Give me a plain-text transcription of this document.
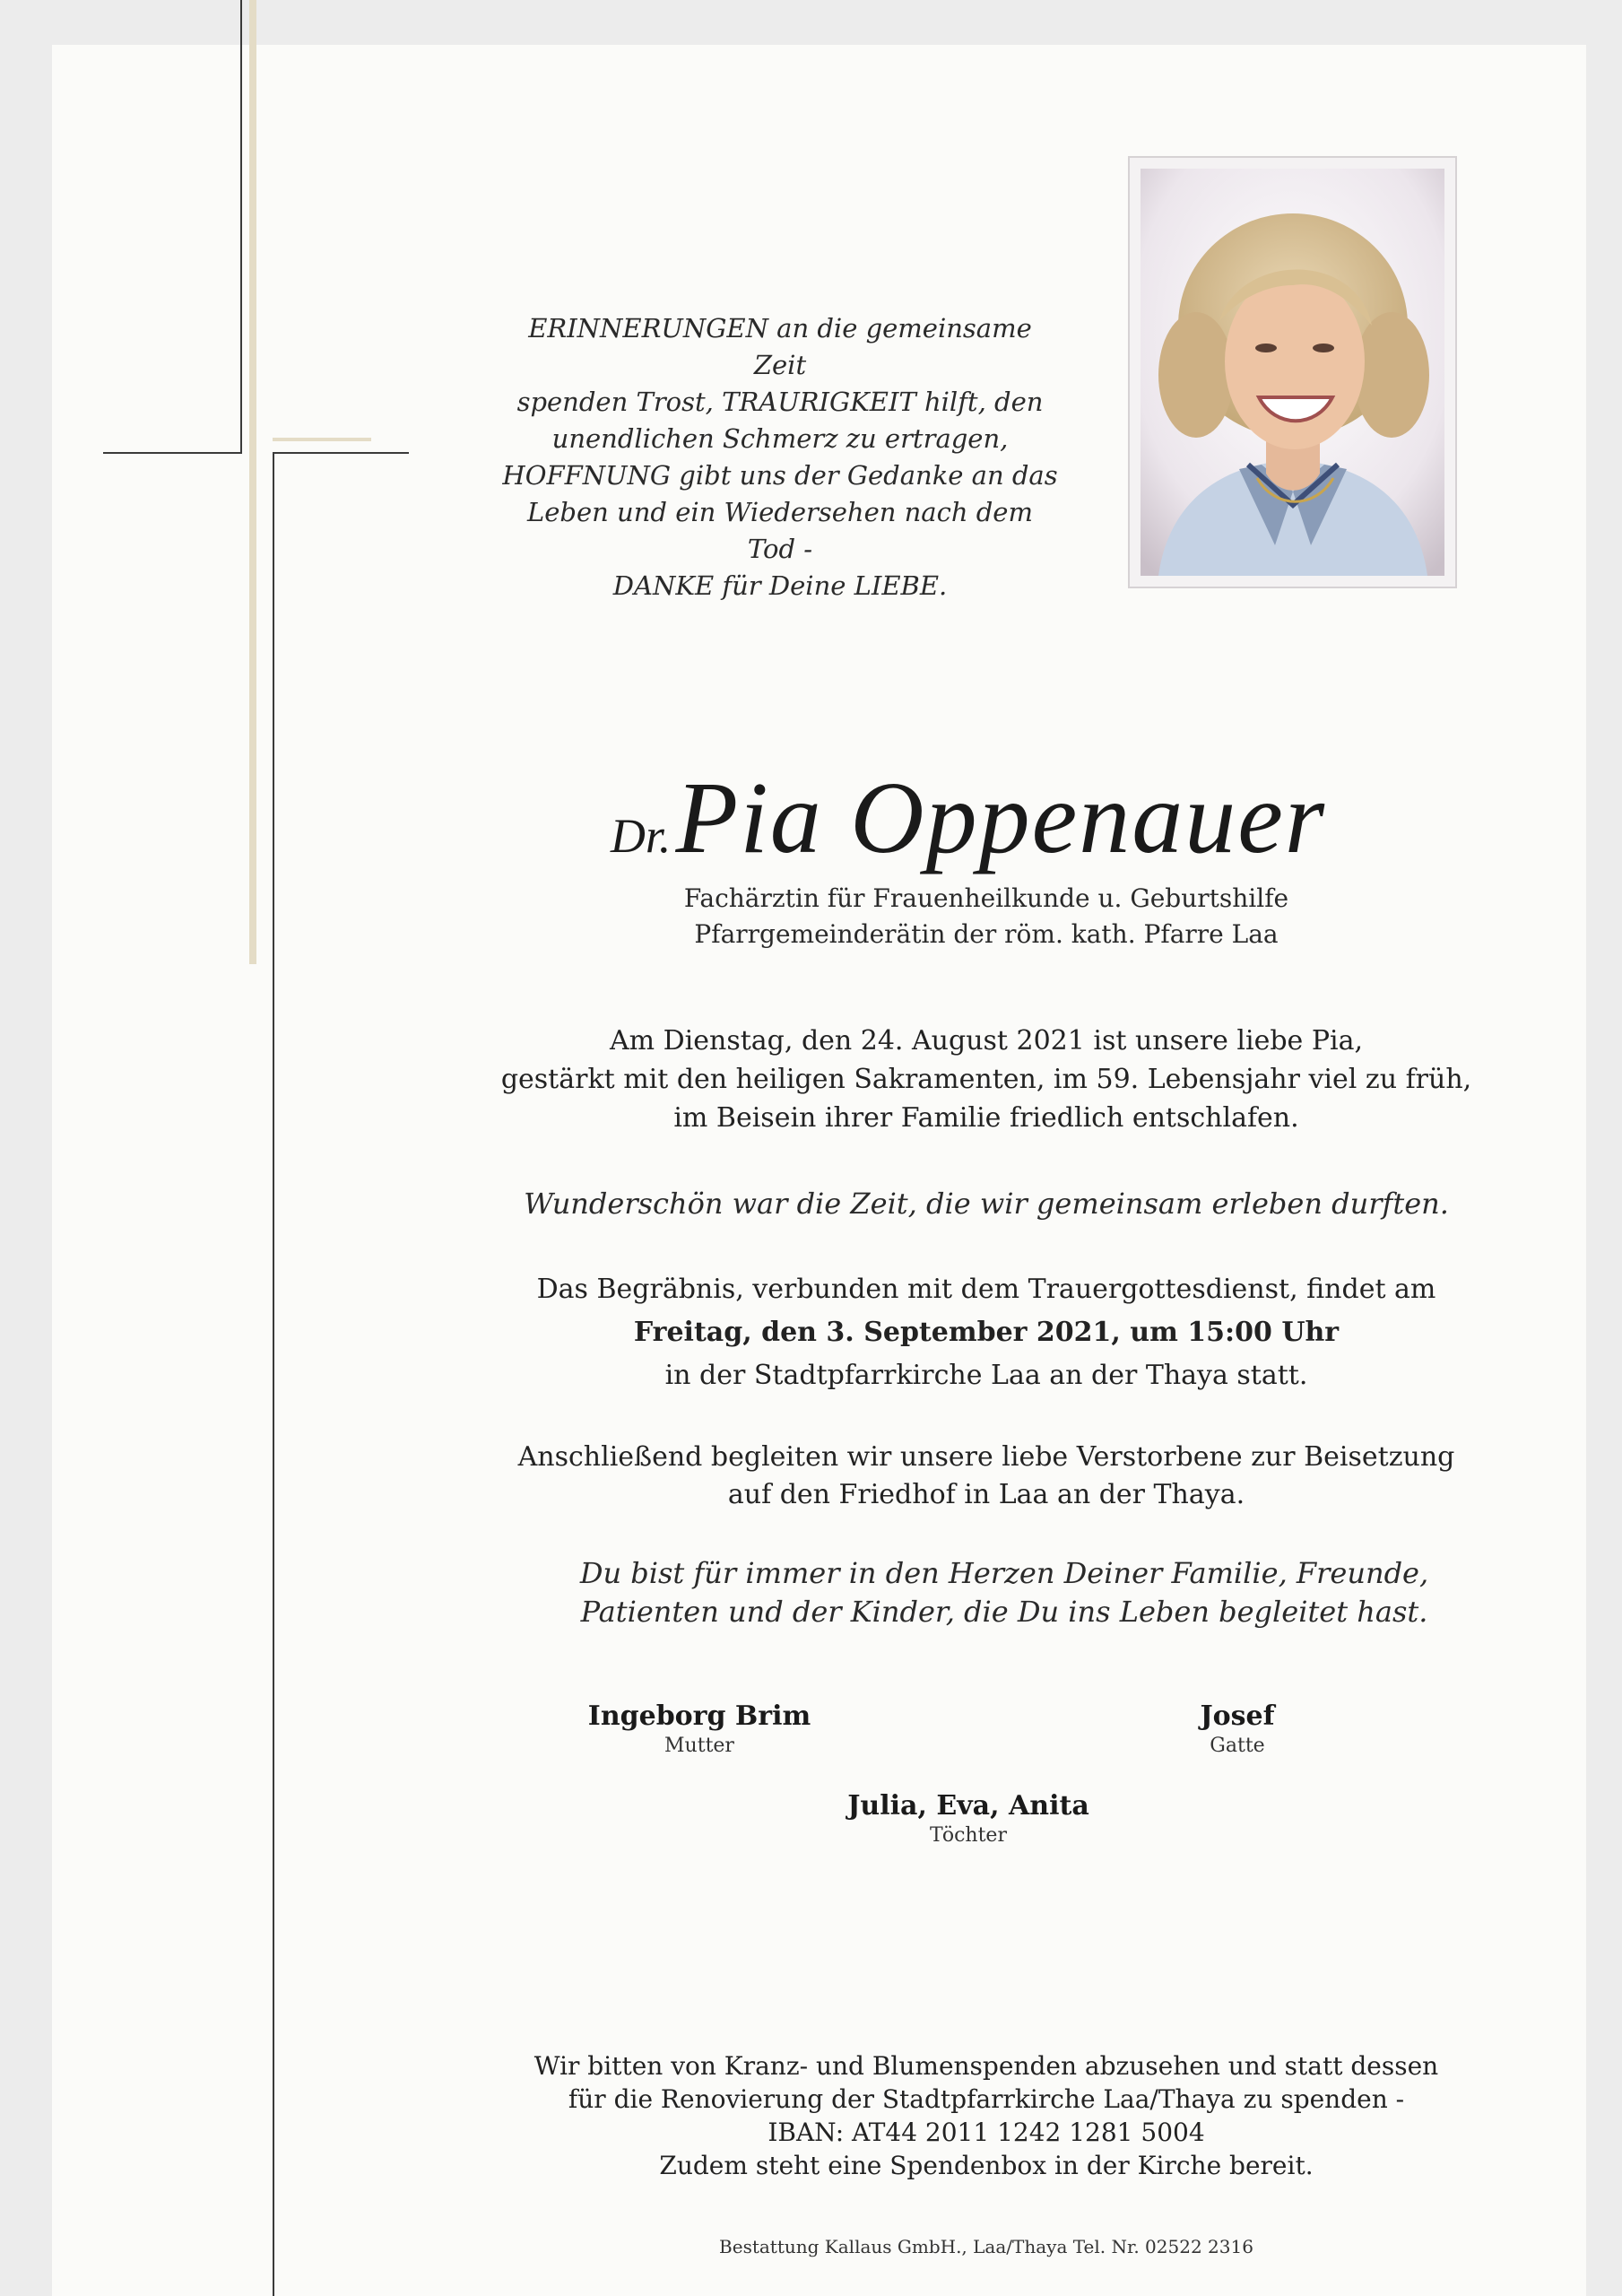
ERINNERUNGEN an die gemeinsame Zeit
spenden Trost, TRAURIGKEIT hilft, den
unendlichen Schmerz zu ertragen,
HOFFNUNG gibt uns der Gedanke an das
Leben und ein Wiedersehen nach dem Tod -
DANKE für Deine LIEBE.
Dr. Pia Oppenauer
Fachärztin für Frauenheilkunde u. Geburtshilfe
Pfarrgemeinderätin der röm. kath. Pfarre Laa
Am Dienstag, den 24. August 2021 ist unsere liebe Pia,
gestärkt mit den heiligen Sakramenten, im 59. Lebensjahr viel zu früh,
im Beisein ihrer Familie friedlich entschlafen.
Wunderschön war die Zeit, die wir gemeinsam erleben durften.
Das Begräbnis, verbunden mit dem Trauergottesdienst, findet am
Freitag, den 3. September 2021, um 15:00 Uhr
in der Stadtpfarrkirche Laa an der Thaya statt.
Anschließend begleiten wir unsere liebe Verstorbene zur Beisetzung
auf den Friedhof in Laa an der Thaya.
Du bist für immer in den Herzen Deiner Familie, Freunde,
Patienten und der Kinder, die Du ins Leben begleitet hast.
Ingeborg Brim
Mutter
Josef
Gatte
Julia, Eva, Anita
Töchter
Wir bitten von Kranz- und Blumenspenden abzusehen und statt dessen
für die Renovierung der Stadtpfarrkirche Laa/Thaya zu spenden -
IBAN: AT44 2011 1242 1281 5004
Zudem steht eine Spendenbox in der Kirche bereit.
Bestattung Kallaus GmbH., Laa/Thaya Tel. Nr. 02522 2316
